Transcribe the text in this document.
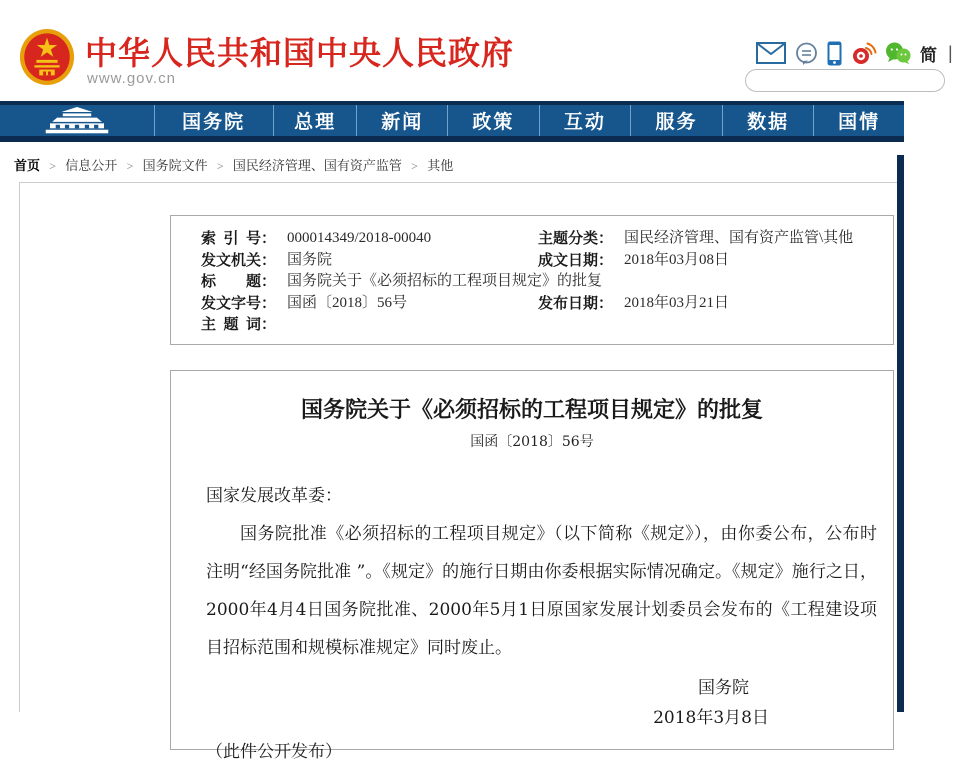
中华人民共和国中央人民政府
www.gov.cn
简 |
国务院	总理	新闻	政策	互动	服务	数据	国情
首页 > 信息公开 > 国务院文件 > 国民经济管理、国有资产监管 > 其他
索引号 ： 000014349/2018-00040	主题分类 ： 国民经济管理、国有资产监管\其他
发文机关 ： 国务院	成文日期 ： 2018年03月08日
标题 ： 国务院关于《必须招标的工程项目规定》的批复
发文字号 ： 国函〔2018〕56号	发布日期 ： 2018年03月21日
主题词 ：
国务院关于《必须招标的工程项目规定》的批复
国函〔2018〕56号
国家发展改革委：
国务院批准《必须招标的工程项目规定》（以下简称《规定》），由你委公布，公布时注明“经国务院批准 ”。《规定》的施行日期由你委根据实际情况确定。《规定》施行之日，2000年4月4日国务院批准、2000年5月1日原国家发展计划委员会发布的《工程建设项目招标范围和规模标准规定》同时废止。
国务院
2018年3月8日
（此件公开发布）
